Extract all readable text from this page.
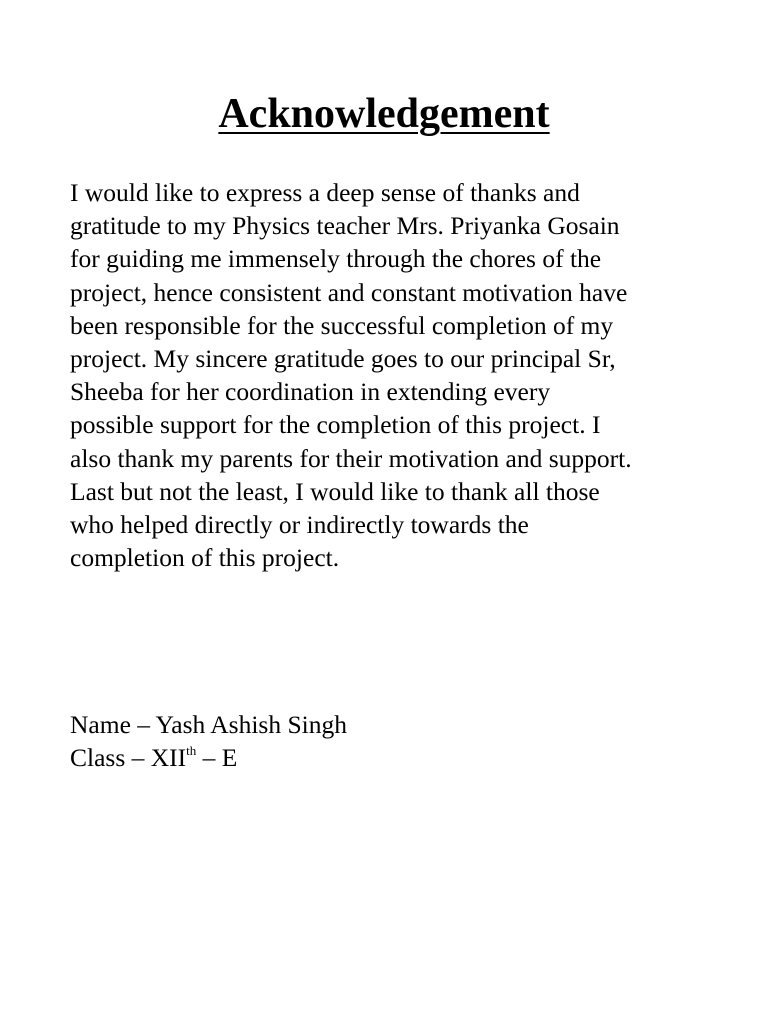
Acknowledgement

I would like to express a deep sense of thanks and
gratitude to my Physics teacher Mrs. Priyanka Gosain
for guiding me immensely through the chores of the
project, hence consistent and constant motivation have
been responsible for the successful completion of my
project. My sincere gratitude goes to our principal Sr,
Sheeba for her coordination in extending every
possible support for the completion of this project. I
also thank my parents for their motivation and support.
Last but not the least, I would like to thank all those
who helped directly or indirectly towards the
completion of this project.

Name – Yash Ashish Singh
Class – XIIth – E
